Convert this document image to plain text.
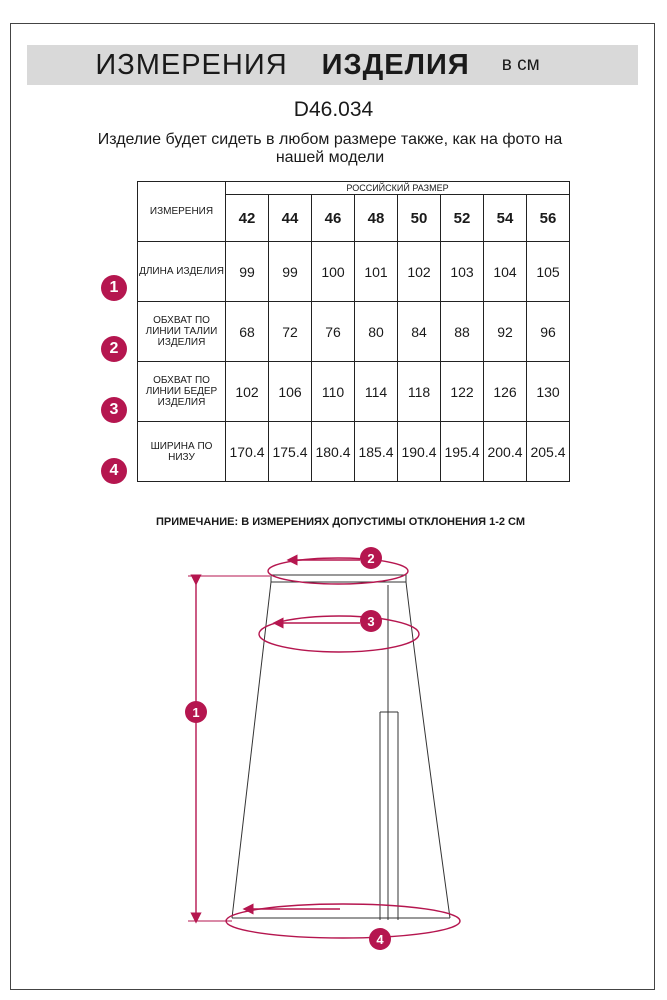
ИЗМЕРЕНИЯ ИЗДЕЛИЯ в см
D46.034
Изделие будет сидеть в любом размере также, как на фото на нашей модели
ИЗМЕРЕНИЯ	РОССИЙСКИЙ РАЗМЕР							
	42	44	46	48	50	52	54	56
ДЛИНА ИЗДЕЛИЯ	99	99	100	101	102	103	104	105
ОБХВАТ ПО ЛИНИИ ТАЛИИ ИЗДЕЛИЯ	68	72	76	80	84	88	92	96
ОБХВАТ ПО ЛИНИИ БЕДЕР ИЗДЕЛИЯ	102	106	110	114	118	122	126	130
ШИРИНА ПО НИЗУ	170.4	175.4	180.4	185.4	190.4	195.4	200.4	205.4
1
2
3
4
ПРИМЕЧАНИЕ: В ИЗМЕРЕНИЯХ ДОПУСТИМЫ ОТКЛОНЕНИЯ 1-2 СМ
1
2
3
4
